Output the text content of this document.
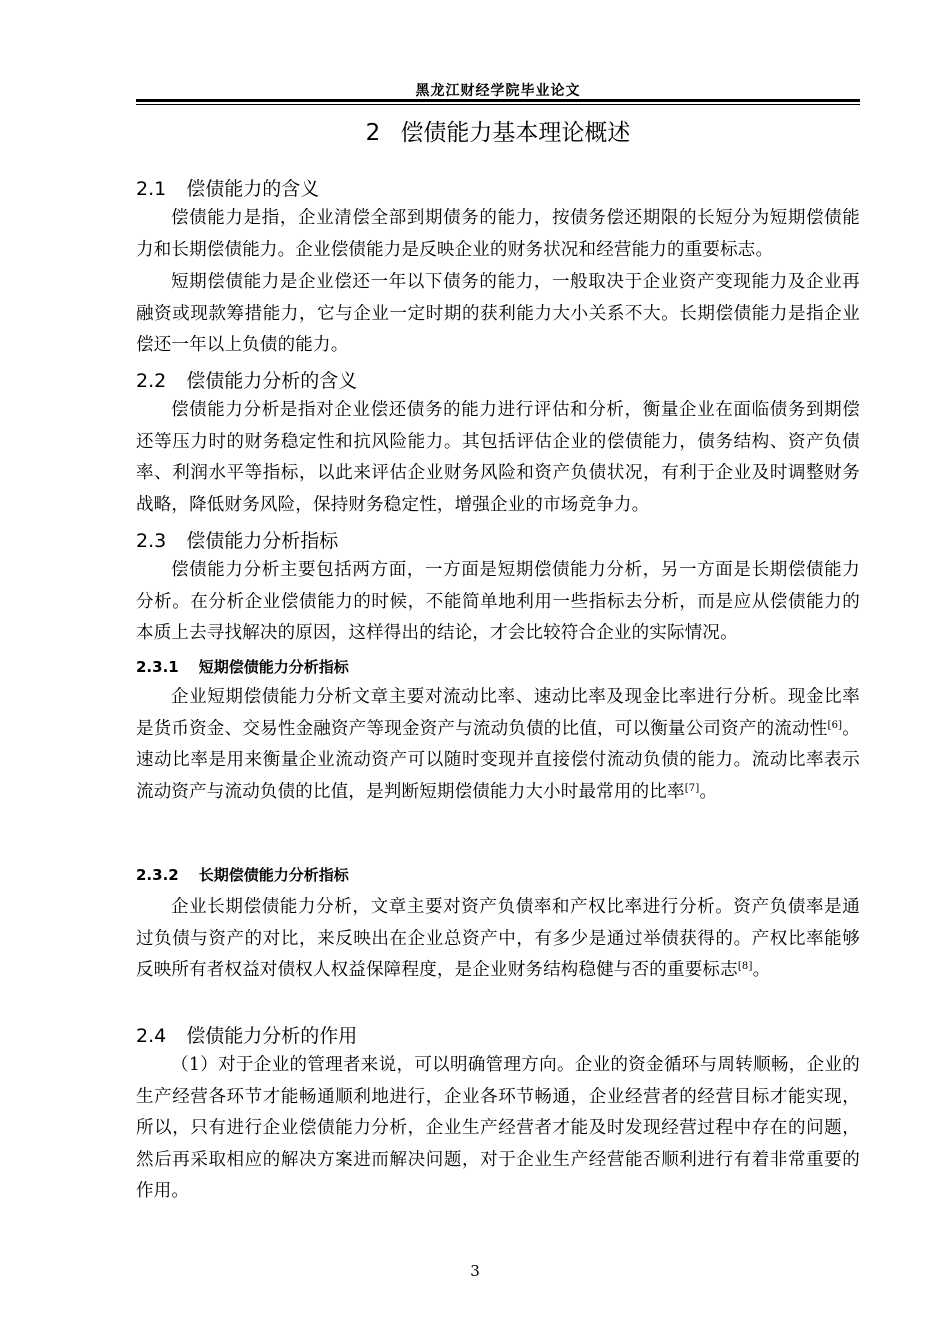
黑龙江财经学院毕业论文
2 偿债能力基本理论概述
2.1 偿债能力的含义

偿债能力是指，企业清偿全部到期债务的能力，按债务偿还期限的长短分为短期偿债能力和长期偿债能力。企业偿债能力是反映企业的财务状况和经营能力的重要标志。

短期偿债能力是企业偿还一年以下债务的能力，一般取决于企业资产变现能力及企业再融资或现款筹措能力，它与企业一定时期的获利能力大小关系不大。长期偿债能力是指企业偿还一年以上负债的能力。

2.2 偿债能力分析的含义

偿债能力分析是指对企业偿还债务的能力进行评估和分析，衡量企业在面临债务到期偿还等压力时的财务稳定性和抗风险能力。其包括评估企业的偿债能力，债务结构、资产负债率、利润水平等指标，以此来评估企业财务风险和资产负债状况，有利于企业及时调整财务战略，降低财务风险，保持财务稳定性，增强企业的市场竞争力。

2.3 偿债能力分析指标

偿债能力分析主要包括两方面，一方面是短期偿债能力分析，另一方面是长期偿债能力分析。在分析企业偿债能力的时候，不能简单地利用一些指标去分析，而是应从偿债能力的本质上去寻找解决的原因，这样得出的结论，才会比较符合企业的实际情况。

2.3.1 短期偿债能力分析指标

企业短期偿债能力分析文章主要对流动比率、速动比率及现金比率进行分析。现金比率是货币资金、交易性金融资产等现金资产与流动负债的比值，可以衡量公司资产的流动性[6]。速动比率是用来衡量企业流动资产可以随时变现并直接偿付流动负债的能力。流动比率表示流动资产与流动负债的比值，是判断短期偿债能力大小时最常用的比率[7]。

2.3.2 长期偿债能力分析指标

企业长期偿债能力分析，文章主要对资产负债率和产权比率进行分析。资产负债率是通过负债与资产的对比，来反映出在企业总资产中，有多少是通过举债获得的。产权比率能够反映所有者权益对债权人权益保障程度，是企业财务结构稳健与否的重要标志[8]。

2.4 偿债能力分析的作用

（1）对于企业的管理者来说，可以明确管理方向。企业的资金循环与周转顺畅，企业的生产经营各环节才能畅通顺利地进行，企业各环节畅通，企业经营者的经营目标才能实现，所以，只有进行企业偿债能力分析，企业生产经营者才能及时发现经营过程中存在的问题，然后再采取相应的解决方案进而解决问题，对于企业生产经营能否顺利进行有着非常重要的作用。

3
